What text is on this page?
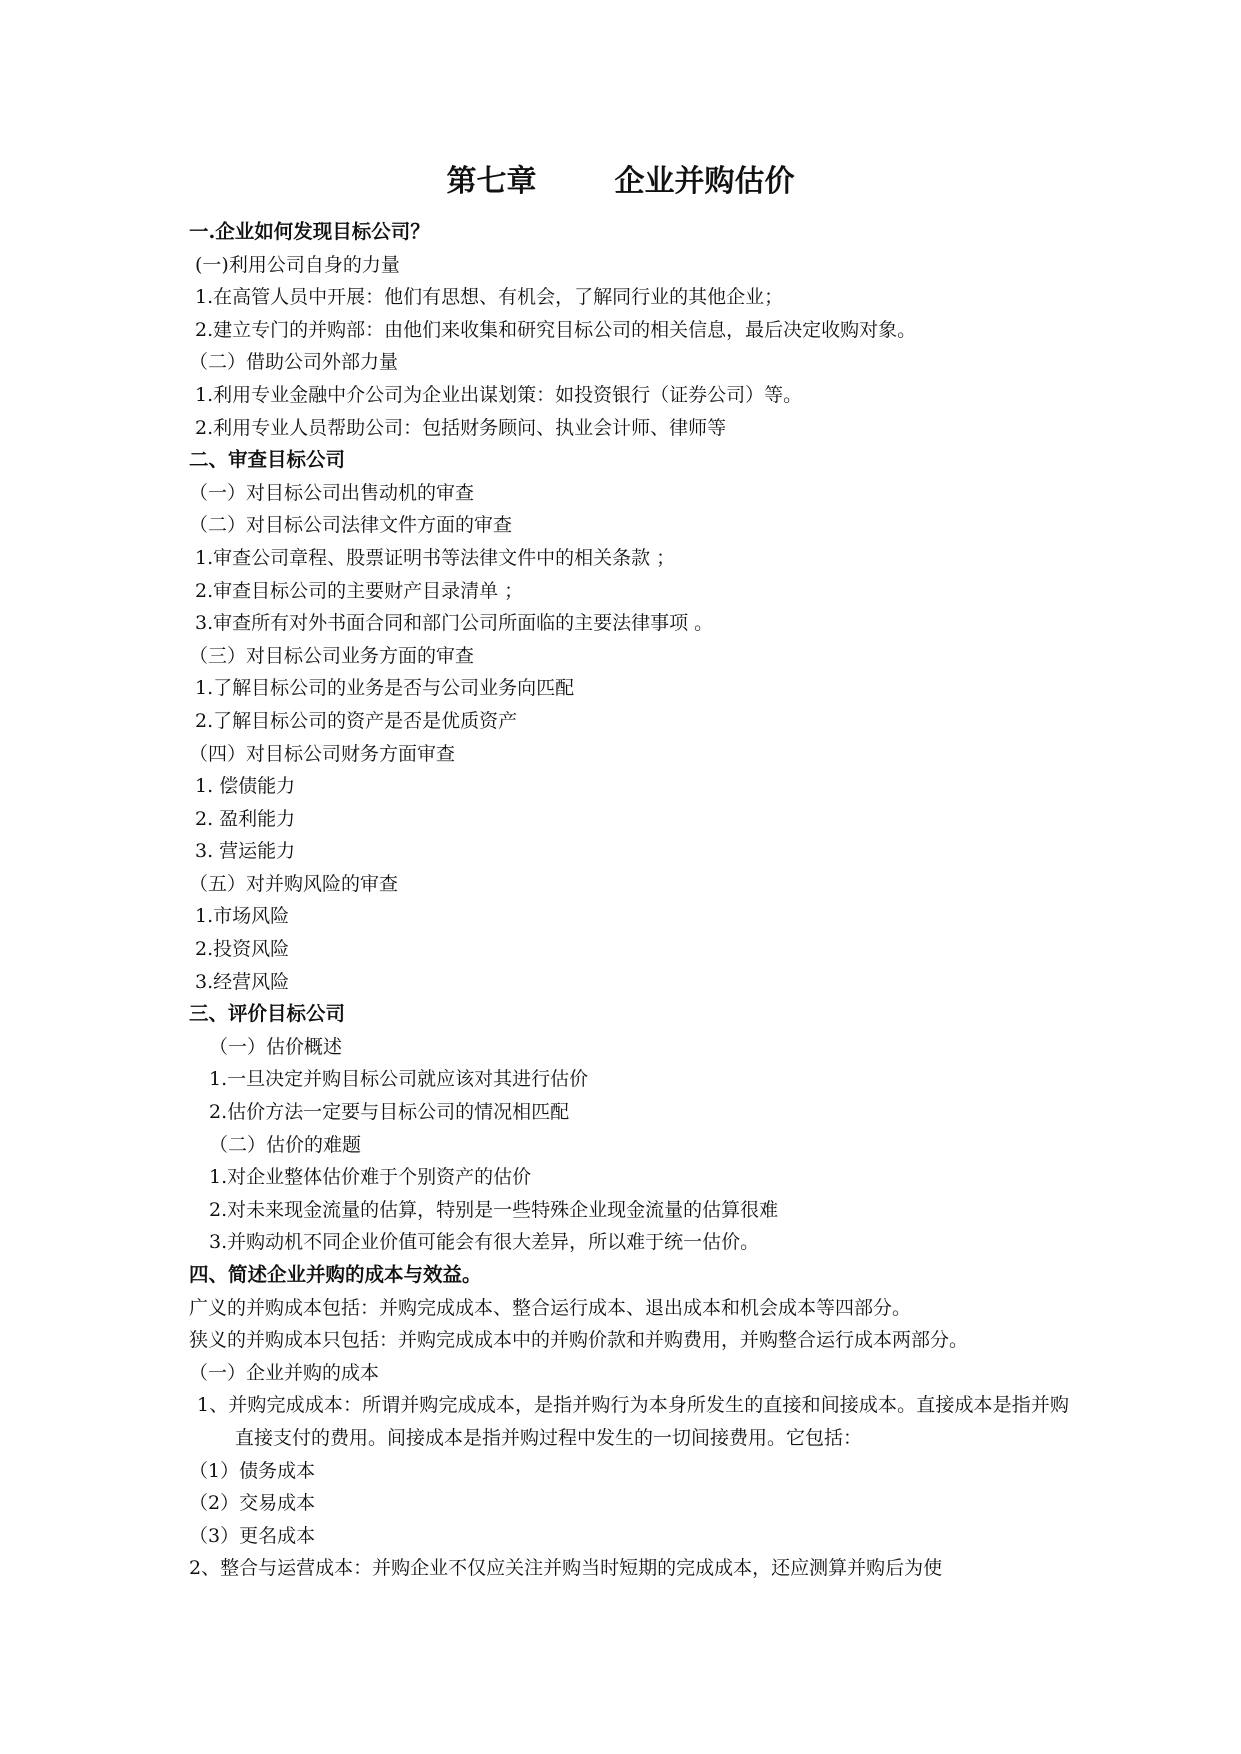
第七章	企业并购估价
一.企业如何发现目标公司？
(一)利用公司自身的力量
1.在高管人员中开展：他们有思想、有机会，了解同行业的其他企业；
2.建立专门的并购部：由他们来收集和研究目标公司的相关信息，最后决定收购对象。
（二）借助公司外部力量
1.利用专业金融中介公司为企业出谋划策：如投资银行（证券公司）等。
2.利用专业人员帮助公司：包括财务顾问、执业会计师、律师等
二、审查目标公司
（一）对目标公司出售动机的审查
（二）对目标公司法律文件方面的审查
1.审查公司章程、股票证明书等法律文件中的相关条款 ；
2.审查目标公司的主要财产目录清单 ；
3.审查所有对外书面合同和部门公司所面临的主要法律事项 。
（三）对目标公司业务方面的审查
1.了解目标公司的业务是否与公司业务向匹配
2.了解目标公司的资产是否是优质资产
（四）对目标公司财务方面审查
1. 偿债能力
2. 盈利能力
3. 营运能力
（五）对并购风险的审查
1.市场风险
2.投资风险
3.经营风险
三、评价目标公司
（一）估价概述
1.一旦决定并购目标公司就应该对其进行估价
2.估价方法一定要与目标公司的情况相匹配
（二）估价的难题
1.对企业整体估价难于个别资产的估价
2.对未来现金流量的估算，特别是一些特殊企业现金流量的估算很难
3.并购动机不同企业价值可能会有很大差异，所以难于统一估价。
四、简述企业并购的成本与效益。
广义的并购成本包括：并购完成成本、整合运行成本、退出成本和机会成本等四部分。
狭义的并购成本只包括：并购完成成本中的并购价款和并购费用，并购整合运行成本两部分。
（一）企业并购的成本
1、并购完成成本：所谓并购完成成本，是指并购行为本身所发生的直接和间接成本。直接成本是指并购直接支付的费用。间接成本是指并购过程中发生的一切间接费用。它包括：
（1）债务成本
（2）交易成本
（3）更名成本
2、整合与运营成本：并购企业不仅应关注并购当时短期的完成成本，还应测算并购后为使
